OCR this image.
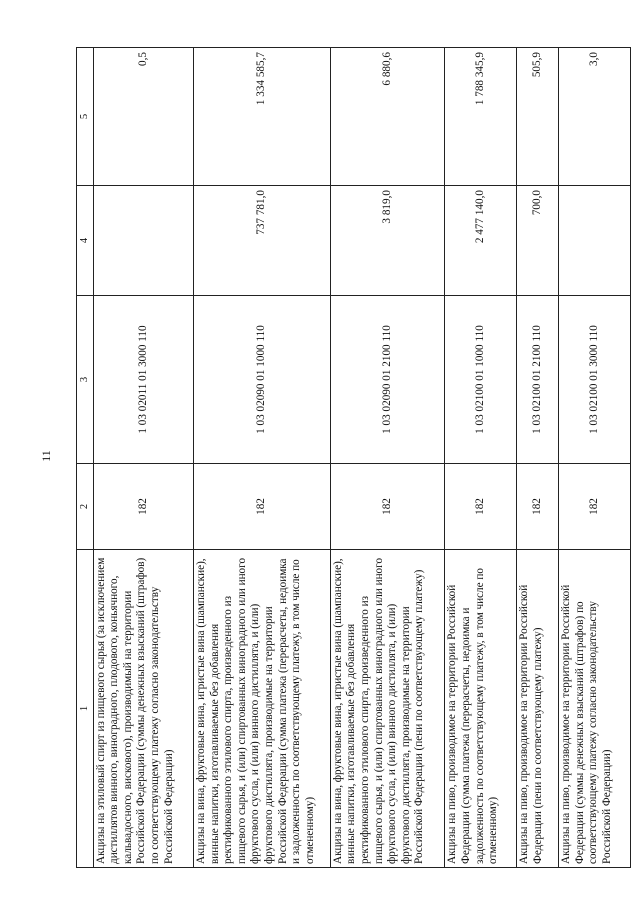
11
1	2	3	4	5
Акцизы на этиловый спирт из пищевого сырья (за исключением дистиллятов винного, виноградного, плодового, коньячного, кальвадосного, вискового), производимый на территории Российской Федерации (суммы денежных взысканий (штрафов) по соответствующему платежу согласно законодательству Российской Федерации)	182	1 03 02011 01 3000 110		0,5
Акцизы на вина, фруктовые вина, игристые вина (шампанские), винные напитки, изготавливаемые без добавления ректификованного этилового спирта, произведенного из пищевого сырья, и (или) спиртованных виноградного или иного фруктового сусла, и (или) винного дистиллята, и (или) фруктового дистиллята, производимые на территории Российской Федерации (сумма платежа (перерасчеты, недоимка и задолженность по соответствующему платежу, в том числе по отмененному)	182	1 03 02090 01 1000 110	737 781,0	1 334 585,7
Акцизы на вина, фруктовые вина, игристые вина (шампанские), винные напитки, изготавливаемые без добавления ректификованного этилового спирта, произведенного из пищевого сырья, и (или) спиртованных виноградного или иного фруктового сусла, и (или) винного дистиллята, и (или) фруктового дистиллята, производимые на территории Российской Федерации (пени по соответствующему платежу)	182	1 03 02090 01 2100 110	3 819,0	6 880,6
Акцизы на пиво, производимое на территории Российской Федерации (сумма платежа (перерасчеты, недоимка и задолженность по соответствующему платежу, в том числе по отмененному)	182	1 03 02100 01 1000 110	2 477 140,0	1 788 345,9
Акцизы на пиво, производимое на территории Российской Федерации (пени по соответствующему платежу)	182	1 03 02100 01 2100 110	700,0	505,9
Акцизы на пиво, производимое на территории Российской Федерации (суммы денежных взысканий (штрафов) по соответствующему платежу согласно законодательству Российской Федерации)	182	1 03 02100 01 3000 110		3,0
